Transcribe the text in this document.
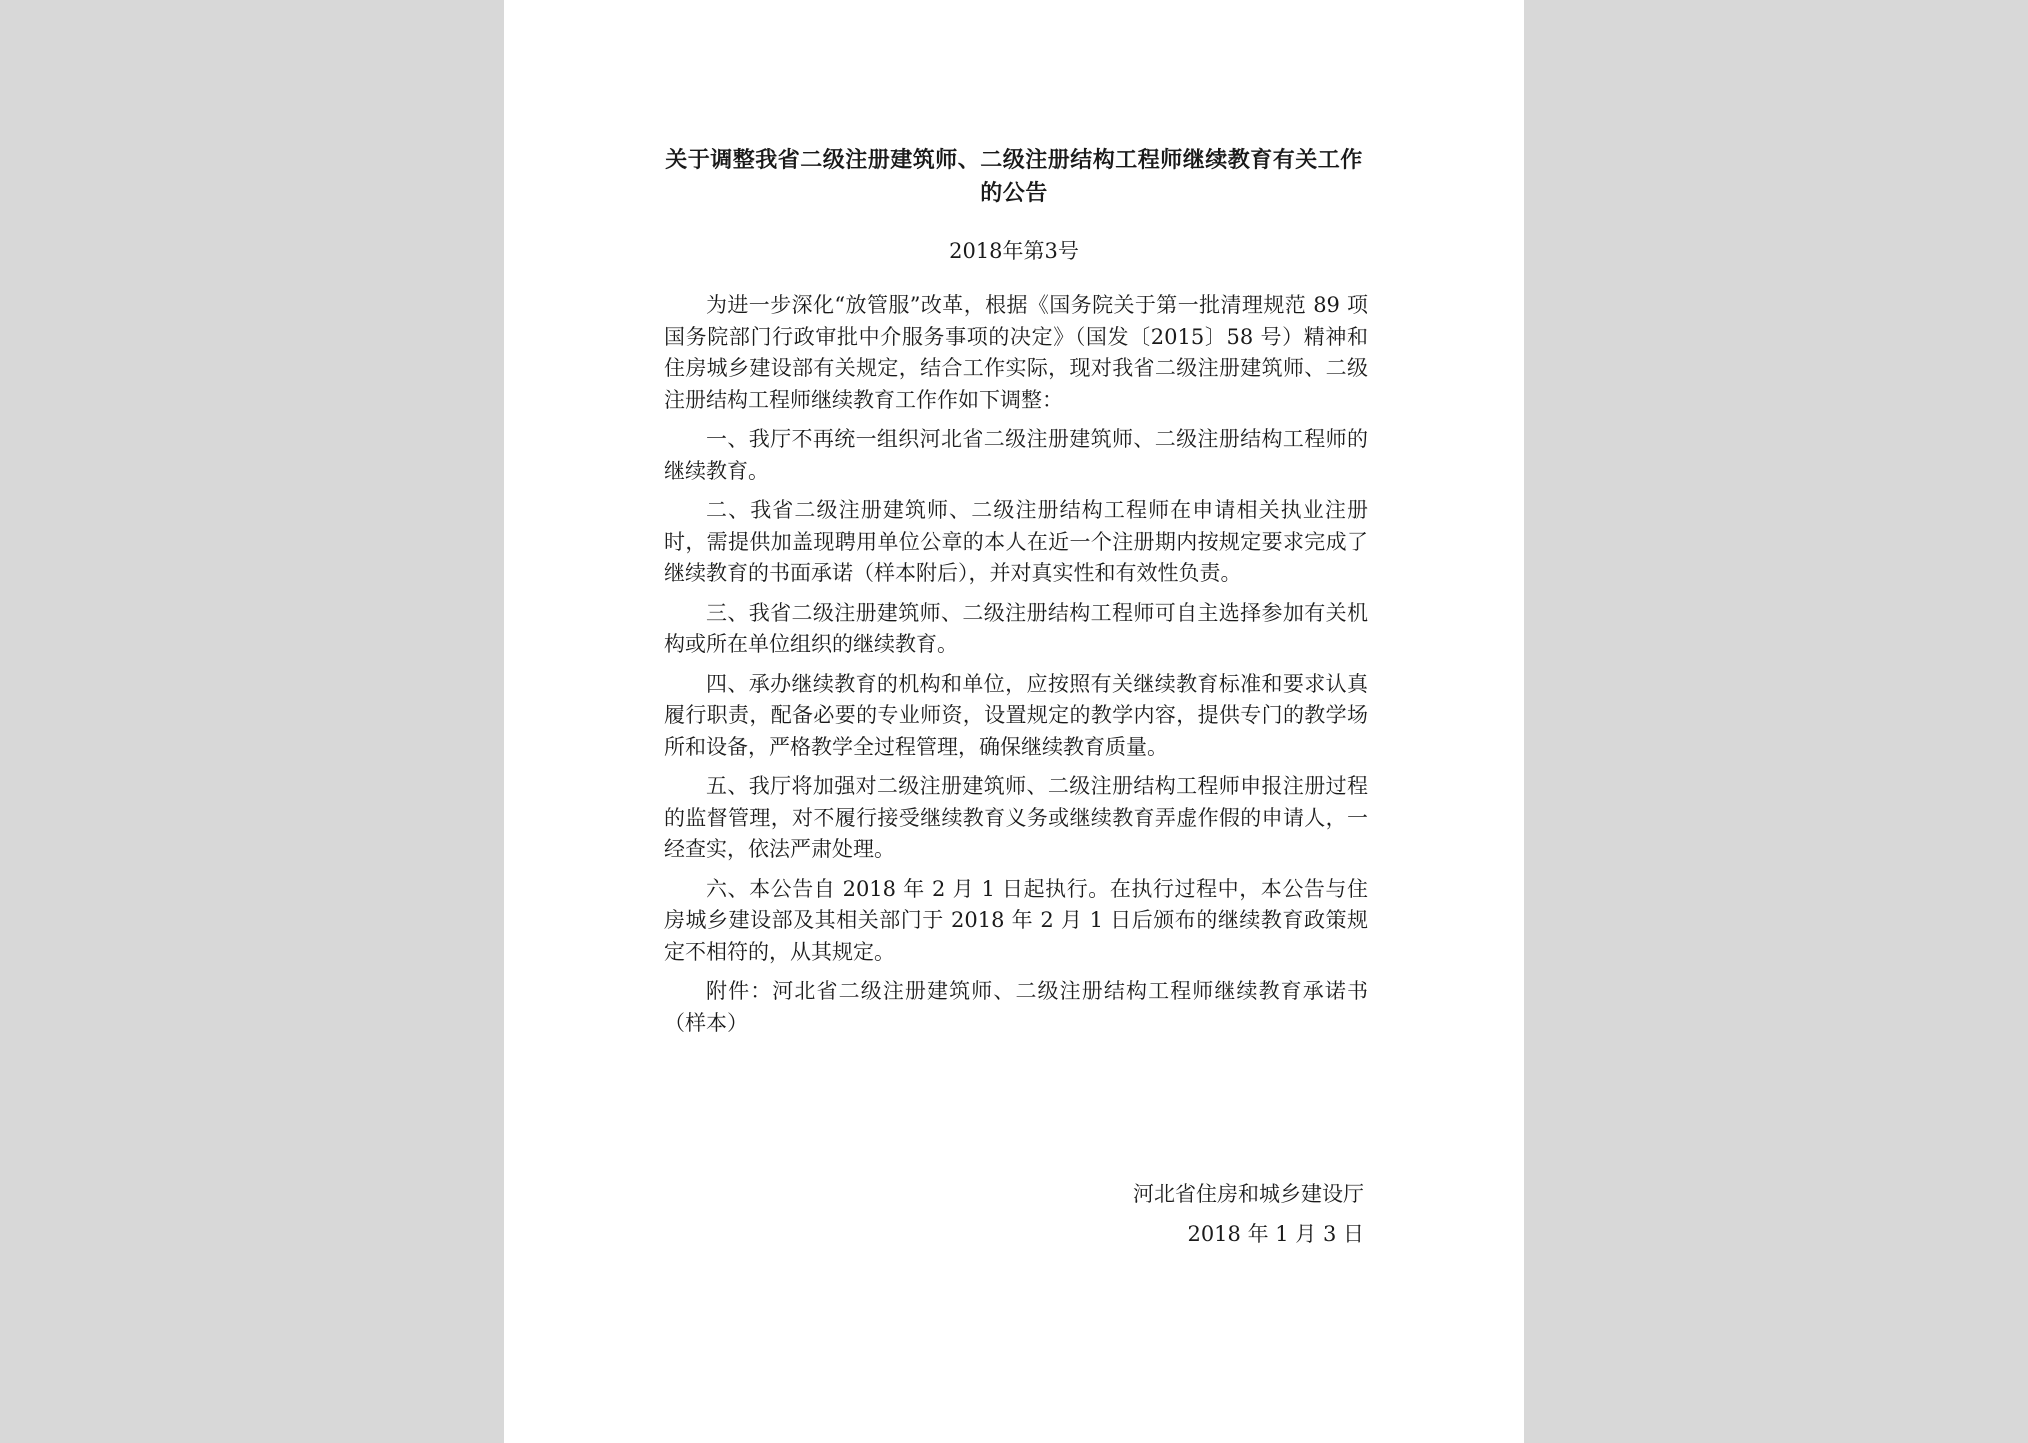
关于调整我省二级注册建筑师、二级注册结构工程师继续教育有关工作的公告
2018年第3号

为进一步深化“放管服”改革，根据《国务院关于第一批清理规范 89 项国务院部门行政审批中介服务事项的决定》（国发〔2015〕58 号）精神和住房城乡建设部有关规定，结合工作实际，现对我省二级注册建筑师、二级注册结构工程师继续教育工作作如下调整：

一、我厅不再统一组织河北省二级注册建筑师、二级注册结构工程师的继续教育。

二、我省二级注册建筑师、二级注册结构工程师在申请相关执业注册时，需提供加盖现聘用单位公章的本人在近一个注册期内按规定要求完成了继续教育的书面承诺（样本附后），并对真实性和有效性负责。

三、我省二级注册建筑师、二级注册结构工程师可自主选择参加有关机构或所在单位组织的继续教育。

四、承办继续教育的机构和单位，应按照有关继续教育标准和要求认真履行职责，配备必要的专业师资，设置规定的教学内容，提供专门的教学场所和设备，严格教学全过程管理，确保继续教育质量。

五、我厅将加强对二级注册建筑师、二级注册结构工程师申报注册过程的监督管理，对不履行接受继续教育义务或继续教育弄虚作假的申请人，一经查实，依法严肃处理。

六、本公告自 2018 年 2 月 1 日起执行。在执行过程中，本公告与住房城乡建设部及其相关部门于 2018 年 2 月 1 日后颁布的继续教育政策规定不相符的，从其规定。

附件：河北省二级注册建筑师、二级注册结构工程师继续教育承诺书（样本）

河北省住房和城乡建设厅
2018 年 1 月 3 日
